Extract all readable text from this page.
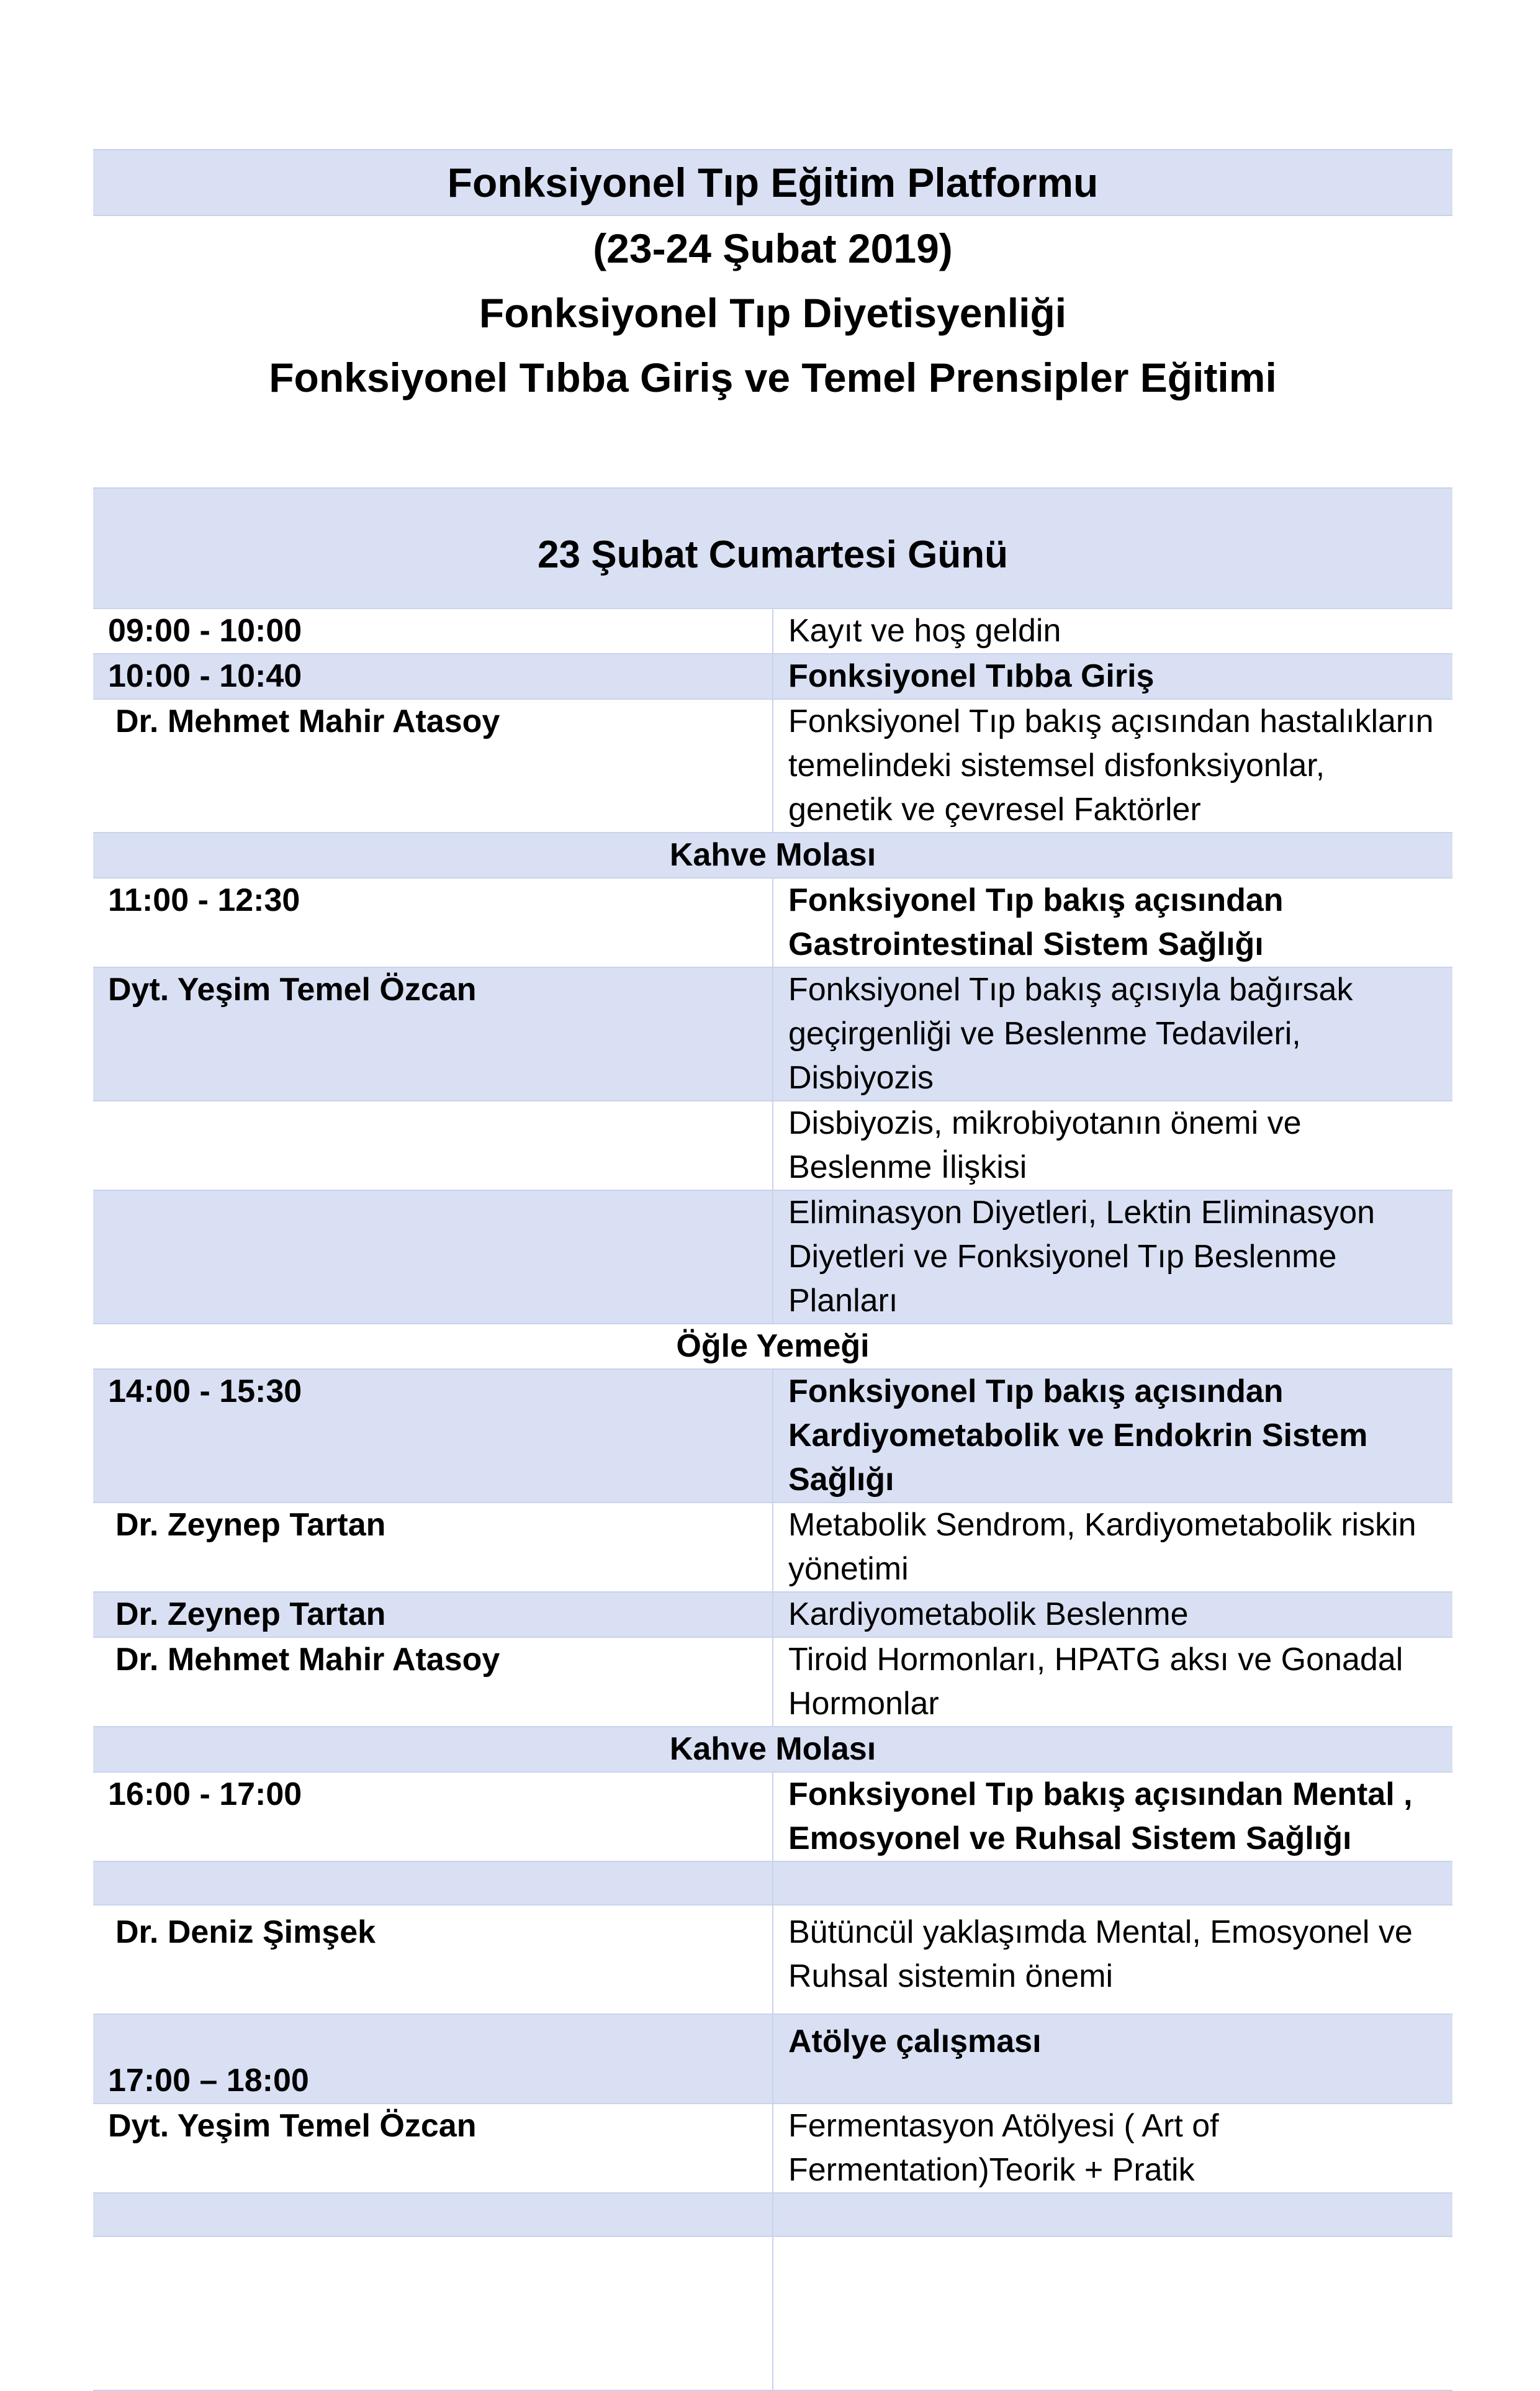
Fonksiyonel Tıp Eğitim Platformu
(23-24 Şubat 2019)
Fonksiyonel Tıp Diyetisyenliği
Fonksiyonel Tıbba Giriş ve Temel Prensipler Eğitimi
23 Şubat Cumartesi Günü	
09:00 - 10:00	Kayıt ve hoş geldin
10:00 - 10:40	Fonksiyonel Tıbba Giriş
Dr. Mehmet Mahir Atasoy	Fonksiyonel Tıp bakış açısından hastalıkların temelindeki sistemsel disfonksiyonlar, genetik ve çevresel Faktörler
Kahve Molası	
11:00 - 12:30	Fonksiyonel Tıp bakış açısından Gastrointestinal Sistem Sağlığı
Dyt. Yeşim Temel Özcan	Fonksiyonel Tıp bakış açısıyla bağırsak geçirgenliği ve Beslenme Tedavileri, Disbiyozis
	Disbiyozis, mikrobiyotanın önemi ve Beslenme İlişkisi
	Eliminasyon Diyetleri, Lektin Eliminasyon Diyetleri ve Fonksiyonel Tıp Beslenme Planları
Öğle Yemeği	
14:00 - 15:30	Fonksiyonel Tıp bakış açısından Kardiyometabolik ve Endokrin Sistem Sağlığı
Dr. Zeynep Tartan	Metabolik Sendrom, Kardiyometabolik riskin yönetimi
Dr. Zeynep Tartan	Kardiyometabolik Beslenme
Dr. Mehmet Mahir Atasoy	Tiroid Hormonları, HPATG aksı ve Gonadal Hormonlar
Kahve Molası	
16:00 - 17:00	Fonksiyonel Tıp bakış açısından Mental , Emosyonel ve Ruhsal Sistem Sağlığı

Dr. Deniz Şimşek	Bütüncül yaklaşımda Mental, Emosyonel ve Ruhsal sistemin önemi
17:00 – 18:00	Atölye çalışması
Dyt. Yeşim Temel Özcan	Fermentasyon Atölyesi ( Art of Fermentation)Teorik + Pratik
